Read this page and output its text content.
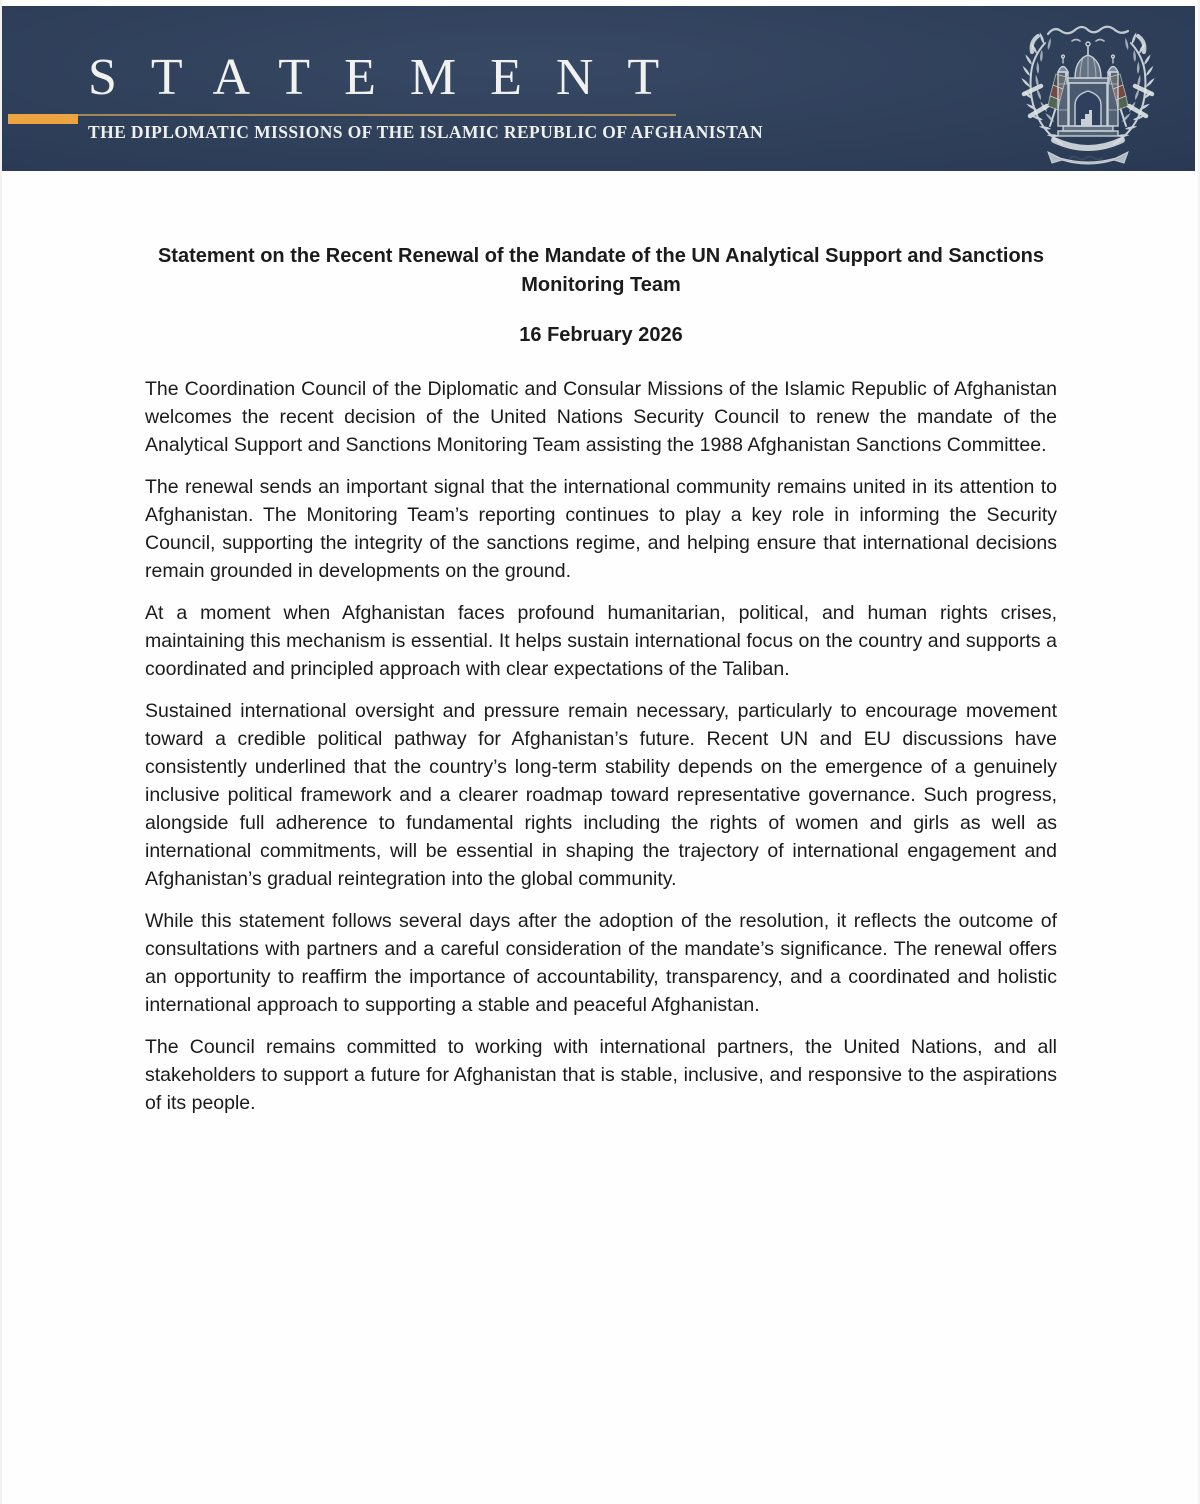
STATEMENT
THE DIPLOMATIC MISSIONS OF THE ISLAMIC REPUBLIC OF AFGHANISTAN
Statement on the Recent Renewal of the Mandate of the UN Analytical Support and Sanctions Monitoring Team
16 February 2026

The Coordination Council of the Diplomatic and Consular Missions of the Islamic Republic of Afghanistan welcomes the recent decision of the United Nations Security Council to renew the mandate of the Analytical Support and Sanctions Monitoring Team assisting the 1988 Afghanistan Sanctions Committee.

The renewal sends an important signal that the international community remains united in its attention to Afghanistan. The Monitoring Team’s reporting continues to play a key role in informing the Security Council, supporting the integrity of the sanctions regime, and helping ensure that international decisions remain grounded in developments on the ground.

At a moment when Afghanistan faces profound humanitarian, political, and human rights crises, maintaining this mechanism is essential. It helps sustain international focus on the country and supports a coordinated and principled approach with clear expectations of the Taliban.

Sustained international oversight and pressure remain necessary, particularly to encourage movement toward a credible political pathway for Afghanistan’s future. Recent UN and EU discussions have consistently underlined that the country’s long-term stability depends on the emergence of a genuinely inclusive political framework and a clearer roadmap toward representative governance. Such progress, alongside full adherence to fundamental rights including the rights of women and girls as well as international commitments, will be essential in shaping the trajectory of international engagement and Afghanistan’s gradual reintegration into the global community.

While this statement follows several days after the adoption of the resolution, it reflects the outcome of consultations with partners and a careful consideration of the mandate’s significance. The renewal offers an opportunity to reaffirm the importance of accountability, transparency, and a coordinated and holistic international approach to supporting a stable and peaceful Afghanistan.

The Council remains committed to working with international partners, the United Nations, and all stakeholders to support a future for Afghanistan that is stable, inclusive, and responsive to the aspirations of its people.
